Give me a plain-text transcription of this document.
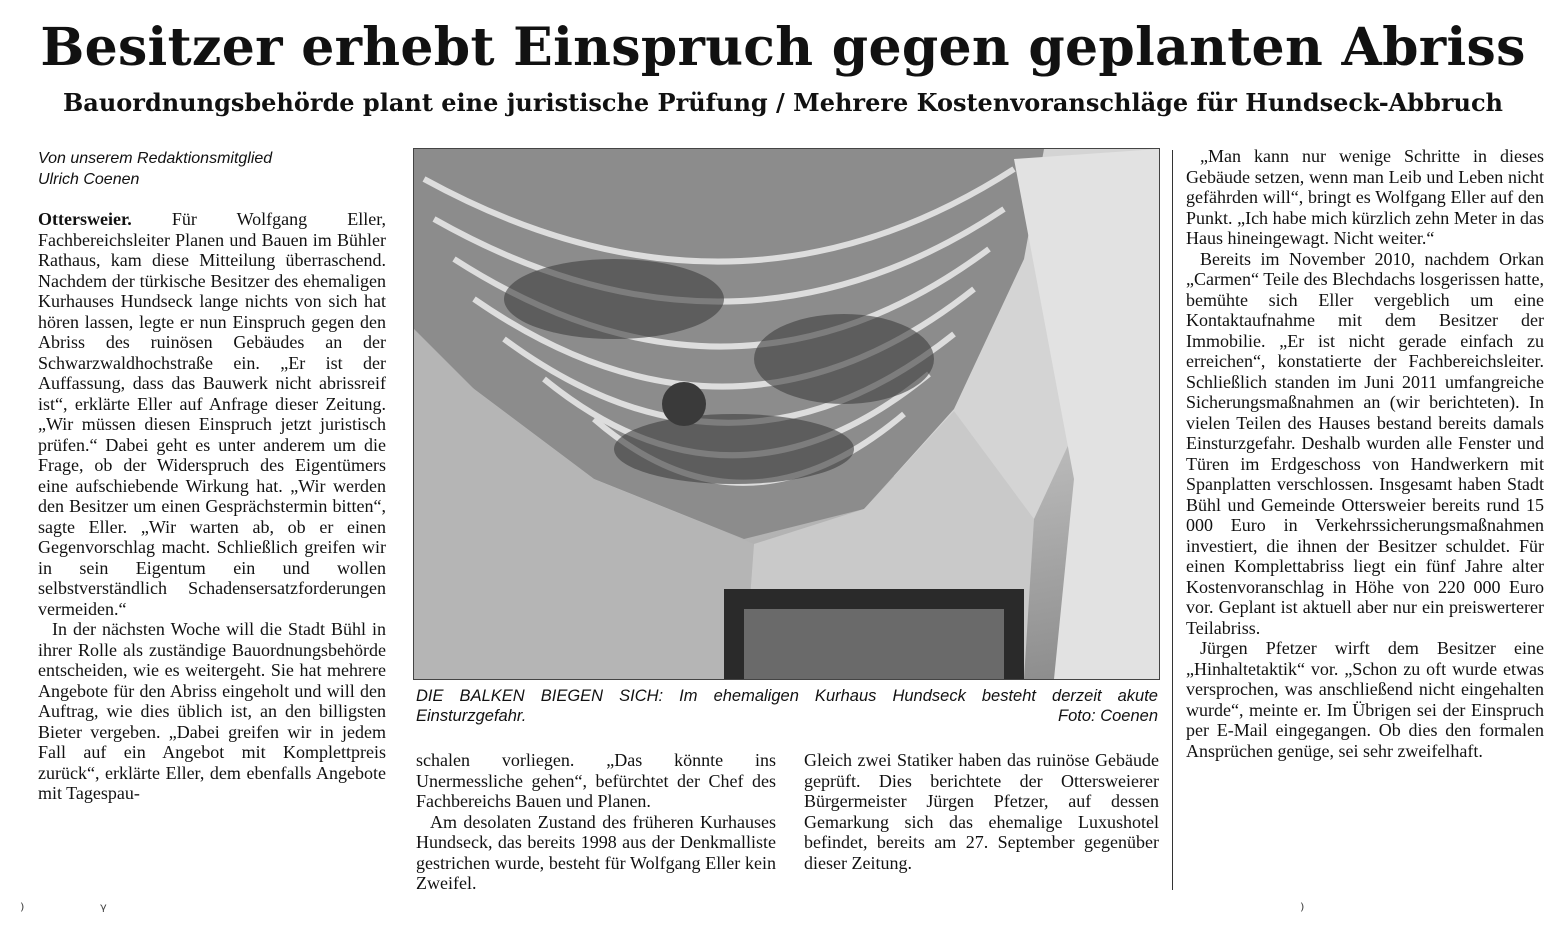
Besitzer erhebt Einspruch gegen geplanten Abriss
Bauordnungsbehörde plant eine juristische Prüfung / Mehrere Kostenvoranschläge für Hundseck-Abbruch
Von unserem Redaktionsmitglied
Ulrich Coenen

Ottersweier. Für Wolfgang Eller, Fachbereichsleiter Planen und Bauen im Bühler Rathaus, kam diese Mitteilung überraschend. Nachdem der türkische Besitzer des ehemaligen Kurhauses Hundseck lange nichts von sich hat hören lassen, legte er nun Einspruch gegen den Abriss des ruinösen Gebäudes an der Schwarzwaldhochstraße ein. „Er ist der Auffassung, dass das Bauwerk nicht abrissreif ist“, erklärte Eller auf Anfrage dieser Zeitung. „Wir müssen diesen Einspruch jetzt juristisch prüfen.“ Dabei geht es unter anderem um die Frage, ob der Widerspruch des Eigentümers eine aufschiebende Wirkung hat. „Wir werden den Besitzer um einen Gesprächstermin bitten“, sagte Eller. „Wir warten ab, ob er einen Gegenvorschlag macht. Schließlich greifen wir in sein Eigentum ein und wollen selbstverständlich Schadensersatzforderungen vermeiden.“

In der nächsten Woche will die Stadt Bühl in ihrer Rolle als zuständige Bauordnungsbehörde entscheiden, wie es weitergeht. Sie hat mehrere Angebote für den Abriss eingeholt und will den Auftrag, wie dies üblich ist, an den billigsten Bieter vergeben. „Dabei greifen wir in jedem Fall auf ein Angebot mit Komplettpreis zurück“, erklärte Eller, dem ebenfalls Angebote mit Tagespau-

DIE BALKEN BIEGEN SICH: Im ehemaligen Kurhaus Hundseck besteht derzeit akute Einsturzgefahr.	Foto: Coenen

schalen vorliegen. „Das könnte ins Unermessliche gehen“, befürchtet der Chef des Fachbereichs Bauen und Planen.

Am desolaten Zustand des früheren Kurhauses Hundseck, das bereits 1998 aus der Denkmalliste gestrichen wurde, besteht für Wolfgang Eller kein Zweifel.

Gleich zwei Statiker haben das ruinöse Gebäude geprüft. Dies berichtete der Ottersweierer Bürgermeister Jürgen Pfetzer, auf dessen Gemarkung sich das ehemalige Luxushotel befindet, bereits am 27. September gegenüber dieser Zeitung.

„Man kann nur wenige Schritte in dieses Gebäude setzen, wenn man Leib und Leben nicht gefährden will“, bringt es Wolfgang Eller auf den Punkt. „Ich habe mich kürzlich zehn Meter in das Haus hineingewagt. Nicht weiter.“

Bereits im November 2010, nachdem Orkan „Carmen“ Teile des Blechdachs losgerissen hatte, bemühte sich Eller vergeblich um eine Kontaktaufnahme mit dem Besitzer der Immobilie. „Er ist nicht gerade einfach zu erreichen“, konstatierte der Fachbereichsleiter. Schließlich standen im Juni 2011 umfangreiche Sicherungsmaßnahmen an (wir berichteten). In vielen Teilen des Hauses bestand bereits damals Einsturzgefahr. Deshalb wurden alle Fenster und Türen im Erdgeschoss von Handwerkern mit Spanplatten verschlossen. Insgesamt haben Stadt Bühl und Gemeinde Ottersweier bereits rund 15 000 Euro in Verkehrssicherungsmaßnahmen investiert, die ihnen der Besitzer schuldet. Für einen Komplettabriss liegt ein fünf Jahre alter Kostenvoranschlag in Höhe von 220 000 Euro vor. Geplant ist aktuell aber nur ein preiswerterer Teilabriss.

Jürgen Pfetzer wirft dem Besitzer eine „Hinhaltetaktik“ vor. „Schon zu oft wurde etwas versprochen, was anschließend nicht eingehalten wurde“, meinte er. Im Übrigen sei der Einspruch per E-Mail eingegangen. Ob dies den formalen Ansprüchen genüge, sei sehr zweifelhaft.

⁾	ᵞ	⁾
